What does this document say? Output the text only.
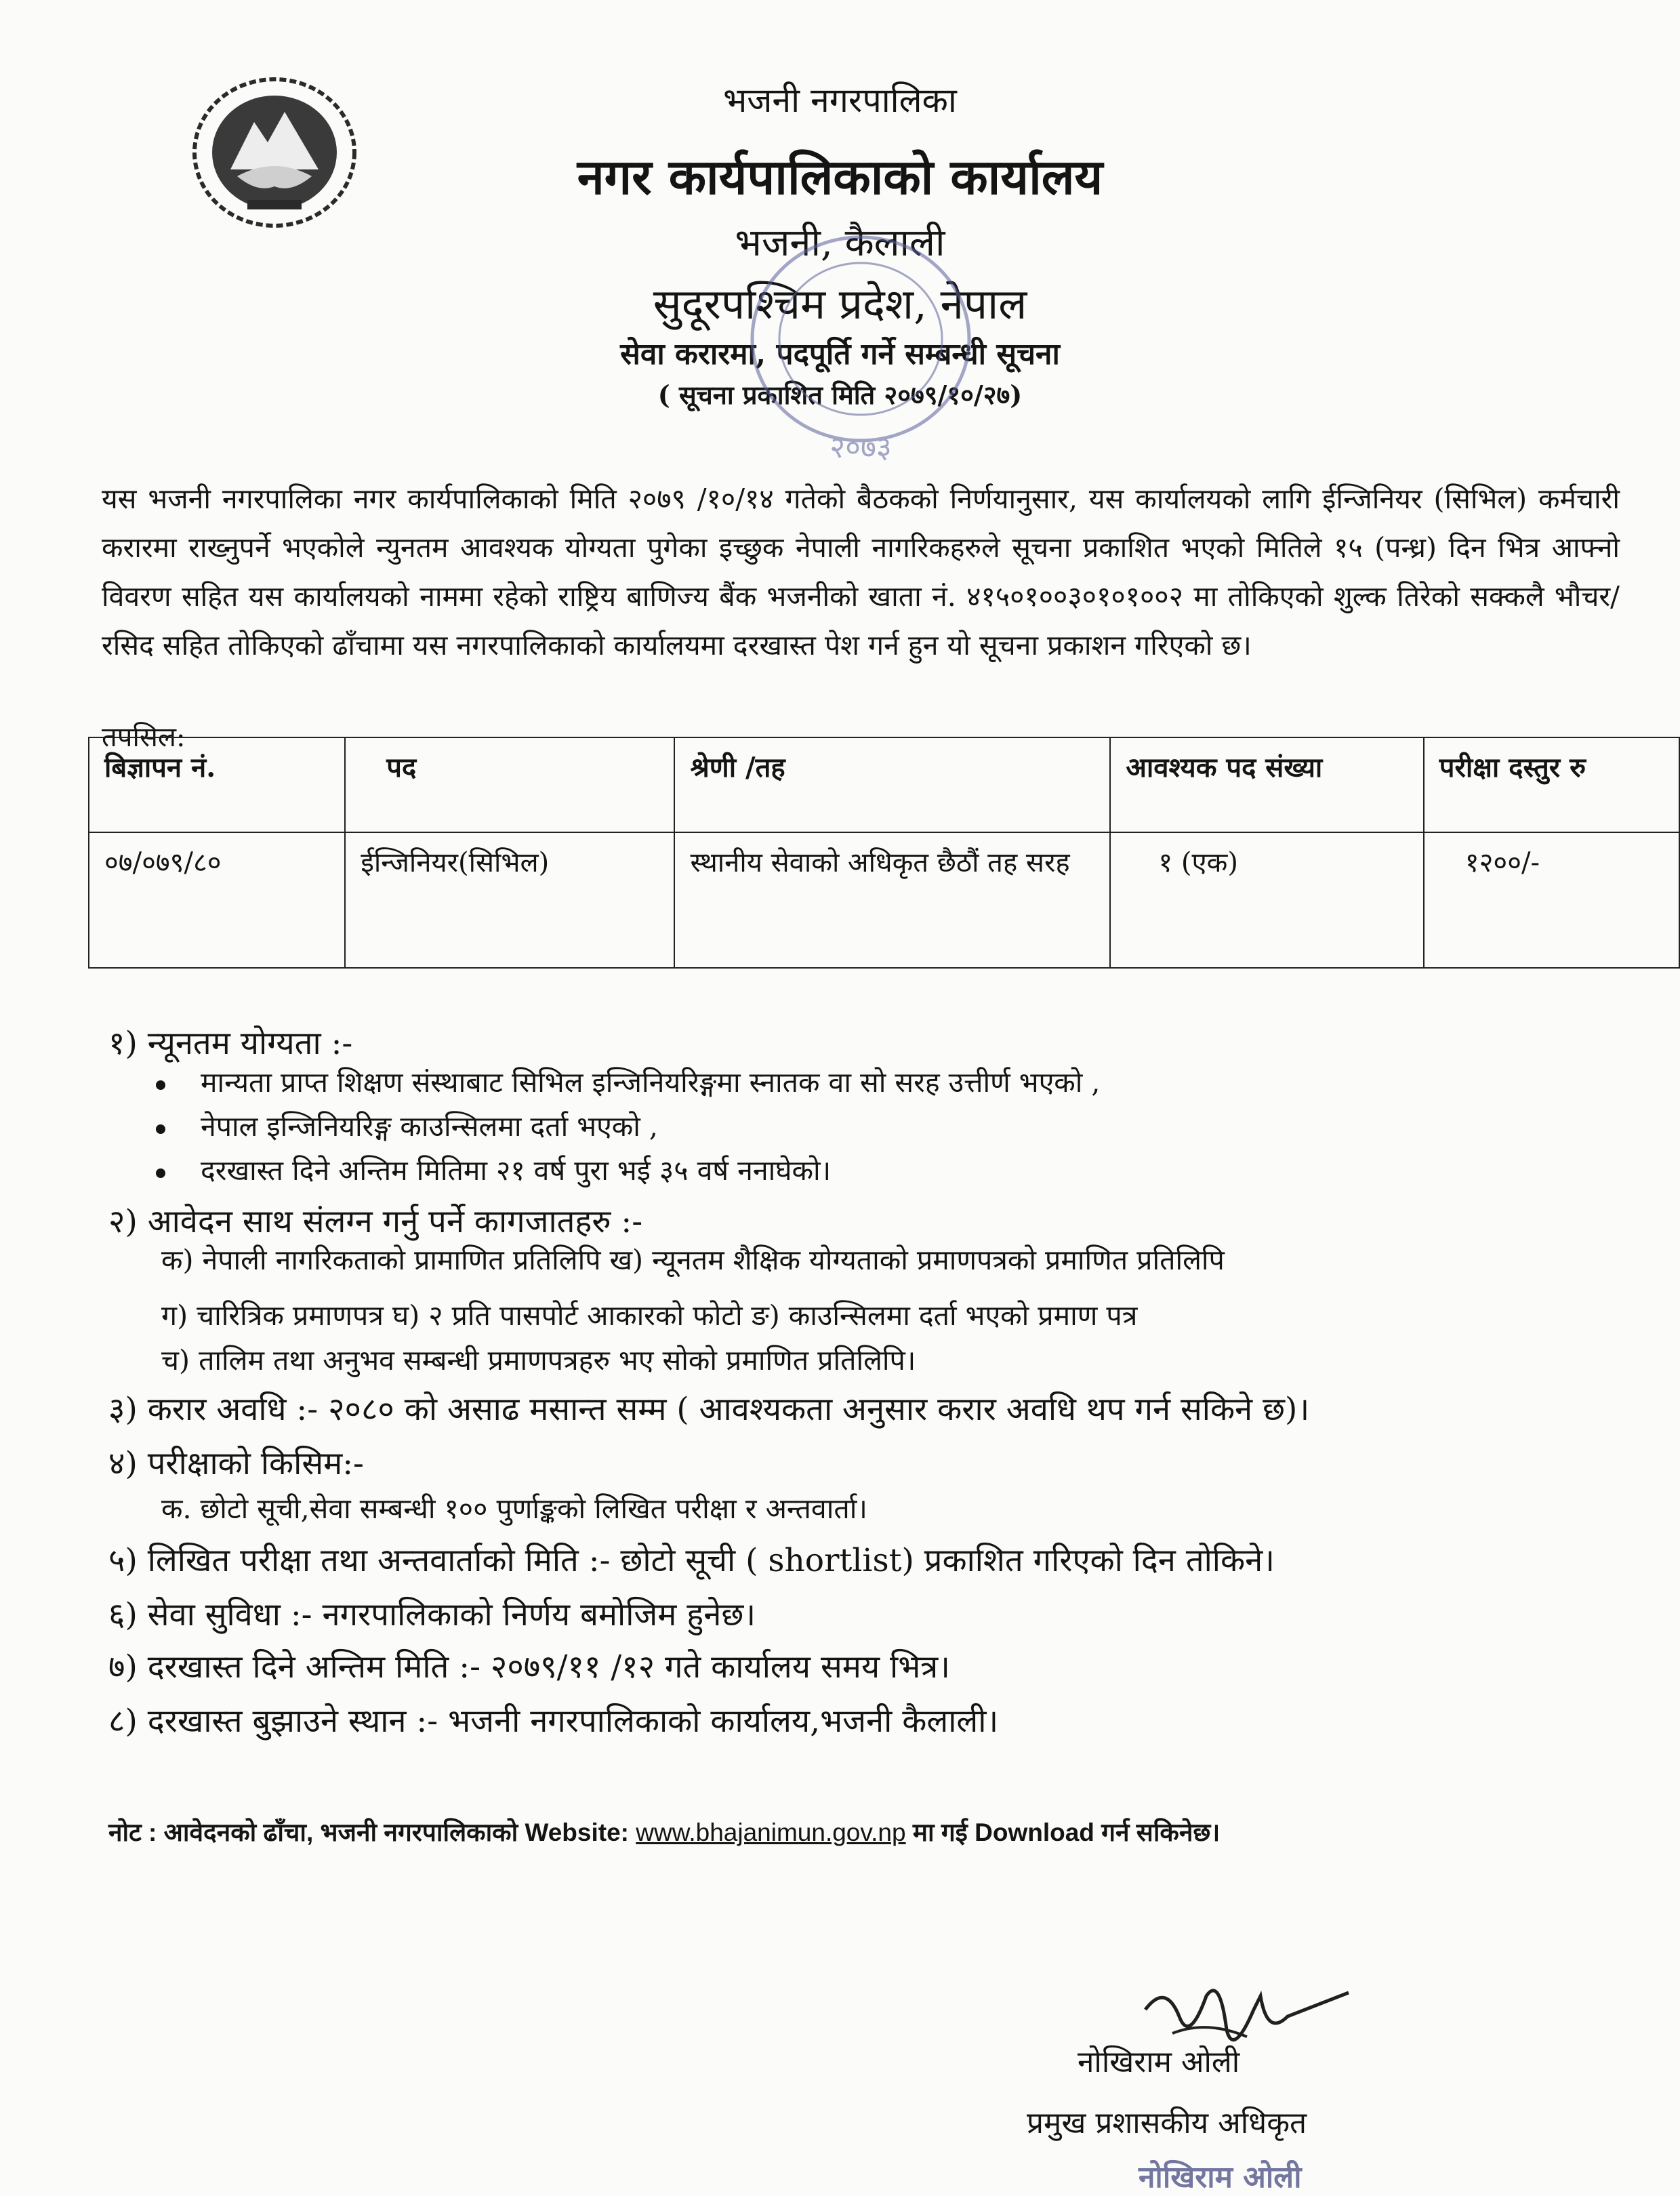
भजनी नगरपालिका
नगर कार्यपालिकाको कार्यालय
भजनी, कैलाली
सुदूरपश्चिम प्रदेश, नेपाल
सेवा करारमा, पदपूर्ति गर्ने सम्बन्धी सूचना
( सूचना प्रकाशित मिति २०७९/१०/२७)
२०७३
यस भजनी नगरपालिका नगर कार्यपालिकाको मिति २०७९ /१०/१४ गतेको बैठकको निर्णयानुसार, यस कार्यालयको लागि ईन्जिनियर (सिभिल) कर्मचारी करारमा राख्नुपर्ने भएकोले न्युनतम आवश्यक योग्यता पुगेका इच्छुक नेपाली नागरिकहरुले सूचना प्रकाशित भएको मितिले १५ (पन्ध्र) दिन भित्र आफ्नो विवरण सहित यस कार्यालयको नाममा रहेको राष्ट्रिय बाणिज्य बैंक भजनीको खाता नं. ४१५०१००३०१०१००२ मा तोकिएको शुल्क तिरेको सक्कलै भौचर/रसिद सहित तोकिएको ढाँचामा यस नगरपालिकाको कार्यालयमा दरखास्त पेश गर्न हुन यो सूचना प्रकाशन गरिएको छ।
तपसिल:
बिज्ञापन नं.	पद	श्रेणी /तह	आवश्यक पद संख्या	परीक्षा दस्तुर रु
०७/०७९/८०	ईन्जिनियर(सिभिल)	स्थानीय सेवाको अधिकृत छैठौं तह सरह	१ (एक)	१२००/-
१) न्यूनतम योग्यता :-
मान्यता प्राप्त शिक्षण संस्थाबाट सिभिल इन्जिनियरिङ्गमा स्नातक वा सो सरह उत्तीर्ण भएको ,
नेपाल इन्जिनियरिङ्ग काउन्सिलमा दर्ता भएको ,
दरखास्त दिने अन्तिम मितिमा २१ वर्ष पुरा भई ३५ वर्ष ननाघेको।
२) आवेदन साथ संलग्न गर्नु पर्ने कागजातहरु :-
क) नेपाली नागरिकताको प्रामाणित प्रतिलिपि ख) न्यूनतम शैक्षिक योग्यताको प्रमाणपत्रको प्रमाणित प्रतिलिपि
ग) चारित्रिक प्रमाणपत्र घ) २ प्रति पासपोर्ट आकारको फोटो ङ) काउन्सिलमा दर्ता भएको प्रमाण पत्र
च) तालिम तथा अनुभव सम्बन्धी प्रमाणपत्रहरु भए सोको प्रमाणित प्रतिलिपि।
३) करार अवधि :- २०८० को असाढ मसान्त सम्म ( आवश्यकता अनुसार करार अवधि थप गर्न सकिने छ)।
४) परीक्षाको किसिम:-
क. छोटो सूची,सेवा सम्बन्धी १०० पुर्णाङ्कको लिखित परीक्षा र अन्तवार्ता।
५) लिखित परीक्षा तथा अन्तवार्ताको मिति :- छोटो सूची ( shortlist) प्रकाशित गरिएको दिन तोकिने।
६) सेवा सुविधा :- नगरपालिकाको निर्णय बमोजिम हुनेछ।
७) दरखास्त दिने अन्तिम मिति :- २०७९/११ /१२ गते कार्यालय समय भित्र।
८) दरखास्त बुझाउने स्थान :- भजनी नगरपालिकाको कार्यालय,भजनी कैलाली।
नोट : आवेदनको ढाँचा, भजनी नगरपालिकाको Website: www.bhajanimun.gov.np मा गई Download गर्न सकिनेछ।
नोखिराम ओली
प्रमुख प्रशासकीय अधिकृत
नोखिराम ओली
